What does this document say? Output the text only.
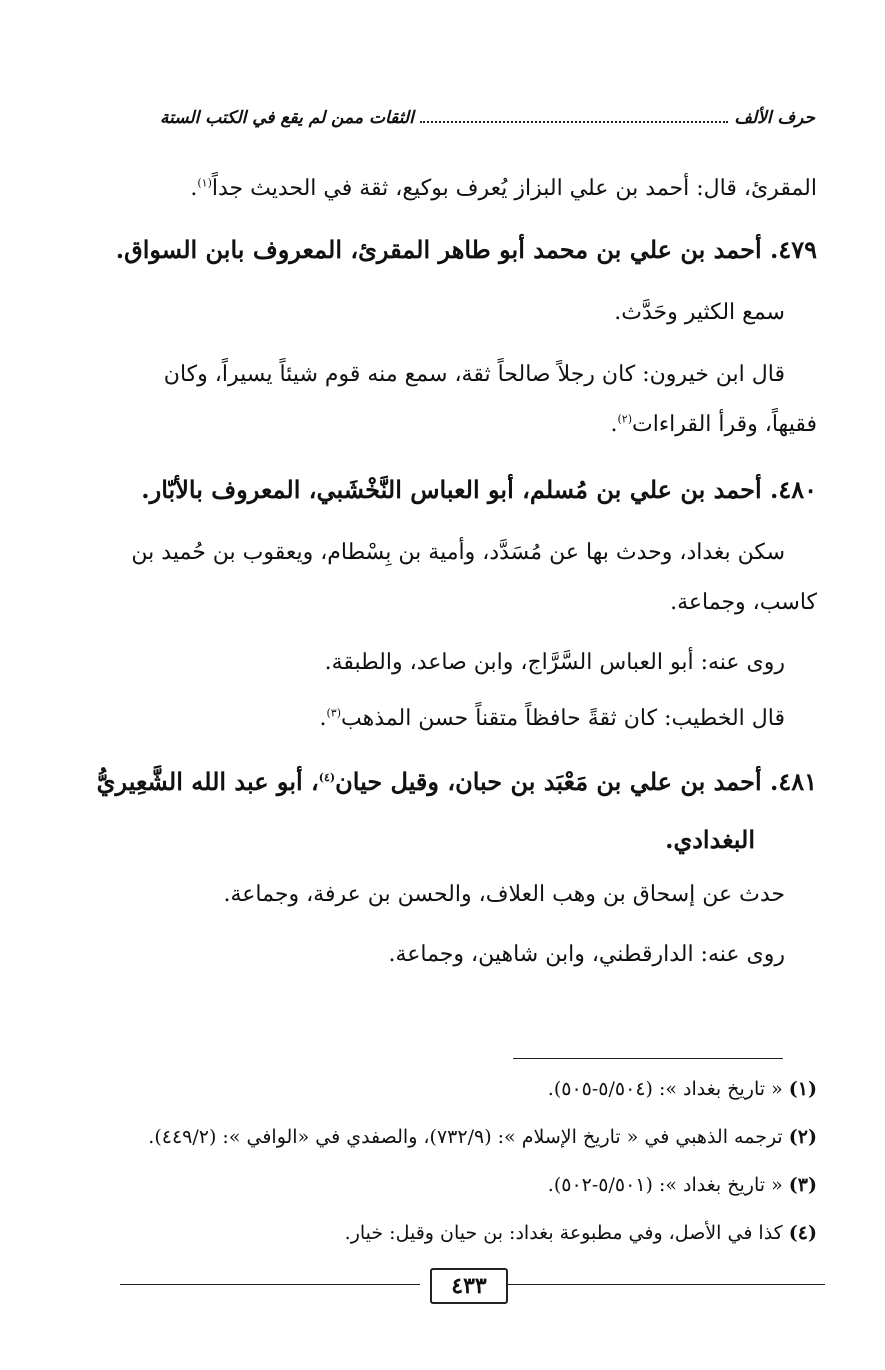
حرف الألف
الثقات ممن لم يقع في الكتب الستة
المقرئ، قال: أحمد بن علي البزاز يُعرف بوكيع، ثقة في الحديث جداً$^{(١)}$.
٤٧٩. أحمد بن علي بن محمد أبو طاهر المقرئ، المعروف بابن السواق.
سمع الكثير وحَدَّث.
قال ابن خيرون: كان رجلاً صالحاً ثقة، سمع منه قوم شيئاً يسيراً، وكان
فقيهاً، وقرأ القراءات$^{(٢)}$.
٤٨٠. أحمد بن علي بن مُسلم، أبو العباس النَّخْشَبي، المعروف بالأبّار.
سكن بغداد، وحدث بها عن مُسَدَّد، وأمية بن بِسْطام، ويعقوب بن حُميد بن
كاسب، وجماعة.
روى عنه: أبو العباس السَّرَّاج، وابن صاعد، والطبقة.
قال الخطيب: كان ثقةً حافظاً متقناً حسن المذهب$^{(٣)}$.
٤٨١. أحمد بن علي بن مَعْبَد بن حبان، وقيل حيان$^{(٤)}$، أبو عبد الله الشَّعِيريُّ
البغدادي.
حدث عن إسحاق بن وهب العلاف، والحسن بن عرفة، وجماعة.
روى عنه: الدارقطني، وابن شاهين، وجماعة.
(١) « تاريخ بغداد »: (٥/٥٠٤-٥٠٥).
(٢) ترجمه الذهبي في « تاريخ الإسلام »: (٧٣٢/٩)، والصفدي في «الوافي »: (٤٤٩/٢).
(٣) « تاريخ بغداد »: (٥/٥٠١-٥٠٢).
(٤) كذا في الأصل، وفي مطبوعة بغداد: بن حيان وقيل: خيار.
٤٣٣
